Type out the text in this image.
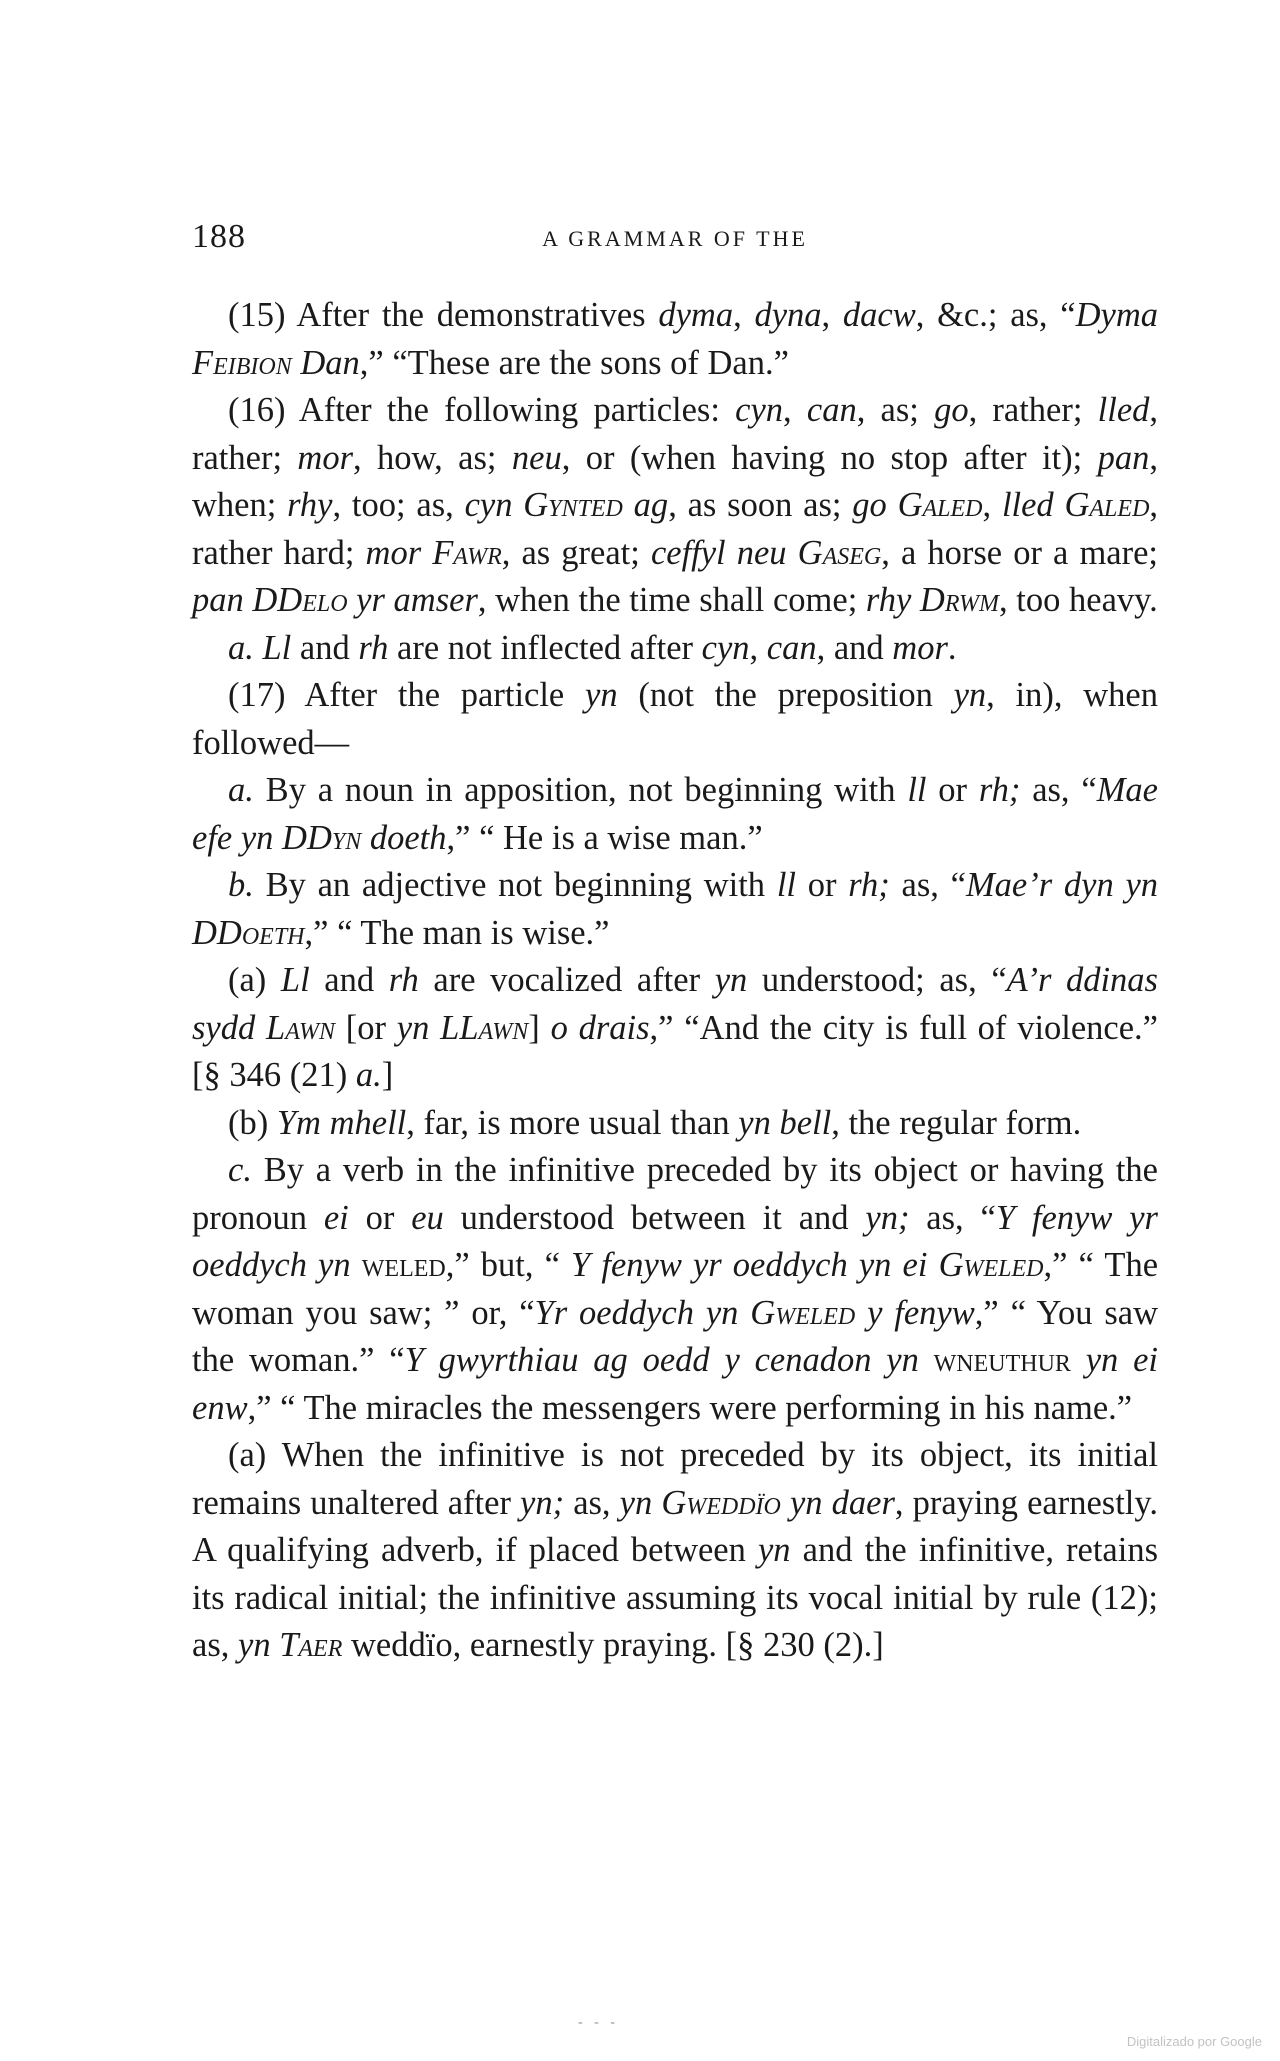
188	A GRAMMAR OF THE

(15) After the demonstratives dyma, dyna, dacw, &c.; as, “Dyma Feibion Dan,” “These are the sons of Dan.”

(16) After the following particles: cyn, can, as; go, rather; lled, rather; mor, how, as; neu, or (when having no stop after it); pan, when; rhy, too; as, cyn Gynted ag, as soon as; go Galed, lled Galed, rather hard; mor Fawr, as great; ceffyl neu Gaseg, a horse or a mare; pan DDelo yr amser, when the time shall come; rhy Drwm, too heavy.

a. Ll and rh are not inflected after cyn, can, and mor.

(17) After the particle yn (not the preposition yn, in), when followed—

a. By a noun in apposition, not beginning with ll or rh; as, “Mae efe yn DDyn doeth,” “ He is a wise man.”

b. By an adjective not beginning with ll or rh; as, “Mae’r dyn yn DDoeth,” “ The man is wise.”

(a) Ll and rh are vocalized after yn understood; as, “A’r ddinas sydd Lawn [or yn LLawn] o drais,” “And the city is full of violence.” [§ 346 (21) a.]

(b) Ym mhell, far, is more usual than yn bell, the regular form.

c. By a verb in the infinitive preceded by its object or having the pronoun ei or eu understood between it and yn; as, “Y fenyw yr oeddych yn weled,” but, “ Y fenyw yr oeddych yn ei Gweled,” “ The woman you saw; ” or, “Yr oeddych yn Gweled y fenyw,” “ You saw the woman.” “Y gwyrthiau ag oedd y cenadon yn wneuthur yn ei enw,” “ The miracles the messengers were performing in his name.”

(a) When the infinitive is not preceded by its object, its initial remains unaltered after yn; as, yn Gweddïo yn daer, praying earnestly. A qualifying adverb, if placed between yn and the infinitive, retains its radical initial; the infinitive assuming its vocal initial by rule (12); as, yn Taer weddïo, earnestly praying. [§ 230 (2).]

- - -
Digitalizado por Google
